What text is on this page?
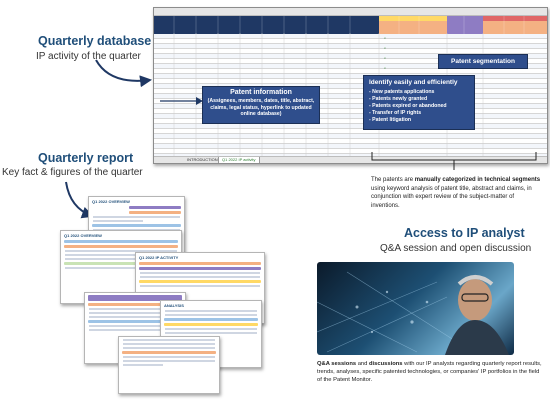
Quarterly database
IP activity of the quarter
x
x
x
x
INTRODUCTION	Q1 2022 IP activity
Patent information
(Assignees, members, dates, title, abstract, claims, legal status, hyperlink to updated online database)
Patent segmentation
Identify easily and efficiently
- New patents applications
- Patents newly granted
- Patents expired or abandoned
- Transfer of IP rights
- Patent litigation
The patents are manually categorized in technical segments using keyword analysis of patent title, abstract and claims, in conjunction with expert review of the subject-matter of inventions.
Quarterly report
Key fact & figures of the quarter
Q1 2022 OVERVIEW
Q1 2022 OVERVIEW
Q1 2022 IP ACTIVITY
ANALYSIS
Access to IP analyst
Q&A session and open discussion
Q&A sessions and discussions with our IP analysts regarding quarterly report results, trends, analyses, specific patented technologies, or companies' IP portfolios in the field of the Patent Monitor.
